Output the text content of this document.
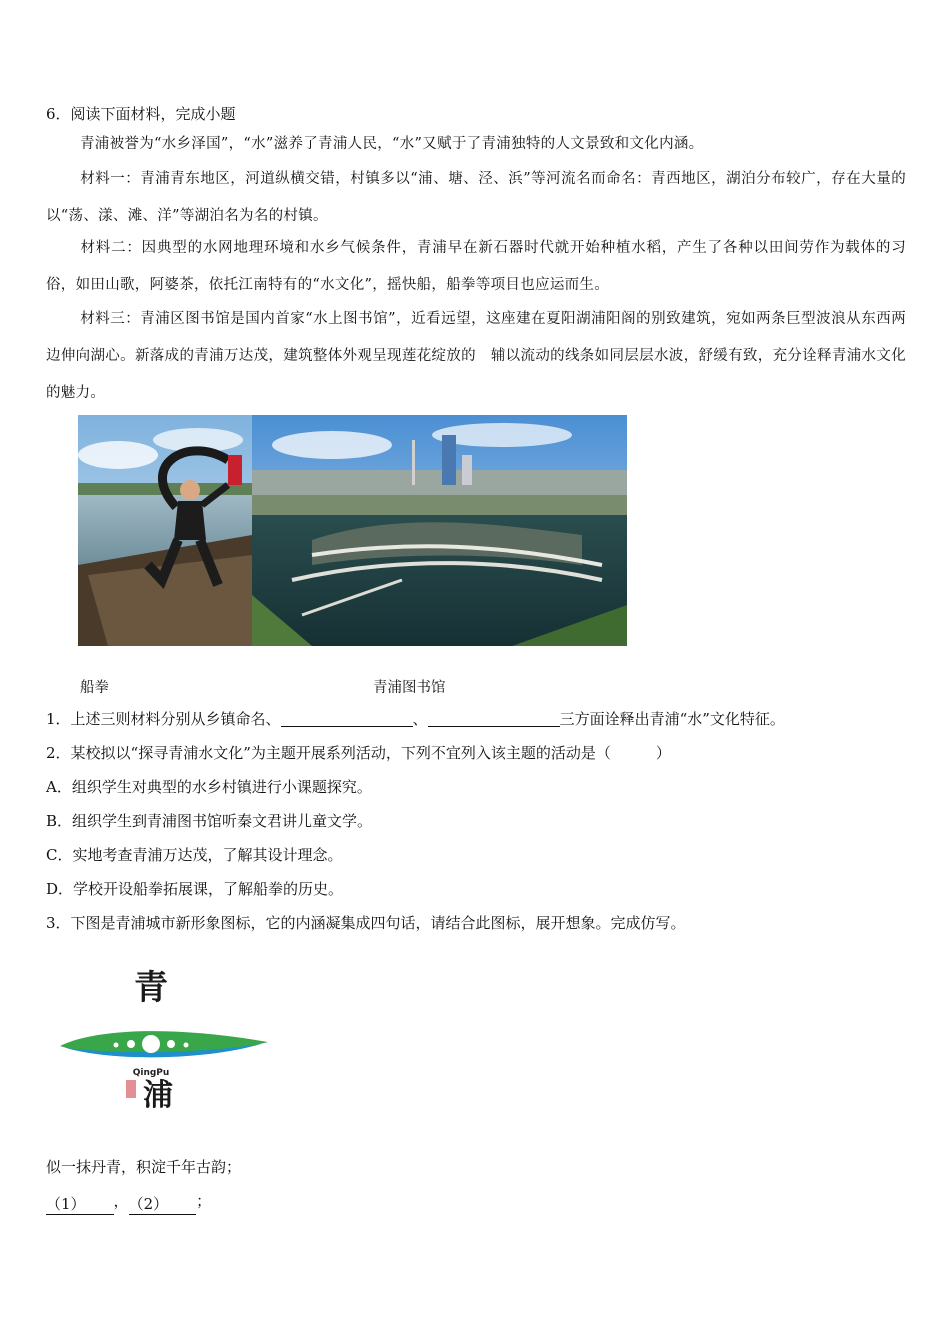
6．阅读下面材料，完成小题
青浦被誉为“水乡泽国”，“水”滋养了青浦人民，“水”又赋于了青浦独特的人文景致和文化内涵。
材料一：青浦青东地区，河道纵横交错，村镇多以“浦、塘、泾、浜”等河流名而命名：青西地区，湖泊分布较广，存在大量的以“荡、漾、滩、洋”等湖泊名为名的村镇。
材料二：因典型的水网地理环境和水乡气候条件，青浦早在新石器时代就开始种植水稻，产生了各种以田间劳作为载体的习俗，如田山歌，阿婆茶，依托江南特有的“水文化”，摇快船，船拳等项目也应运而生。
材料三：青浦区图书馆是国内首家“水上图书馆”，近看远望，这座建在夏阳湖浦阳阁的别致建筑，宛如两条巨型波浪从东西两边伸向湖心。新落成的青浦万达茂，建筑整体外观呈现莲花绽放的　辅以流动的线条如同层层水波，舒缓有致，充分诠释青浦水文化的魅力。
船拳	青浦图书馆
1．上述三则材料分别从乡镇命名、	、	三方面诠释出青浦“水”文化特征。
2．某校拟以“探寻青浦水文化”为主题开展系列活动，下列不宜列入该主题的活动是（　　　）
A．组织学生对典型的水乡村镇进行小课题探究。
B．组织学生到青浦图书馆听秦文君讲儿童文学。
C．实地考查青浦万达茂，了解其设计理念。
D．学校开设船拳拓展课，了解船拳的历史。
3．下图是青浦城市新形象图标，它的内涵凝集成四句话，请结合此图标，展开想象。完成仿写。
青
QingPu
浦
似一抹丹青，积淀千年古韵；
（1） ，（2） ；
